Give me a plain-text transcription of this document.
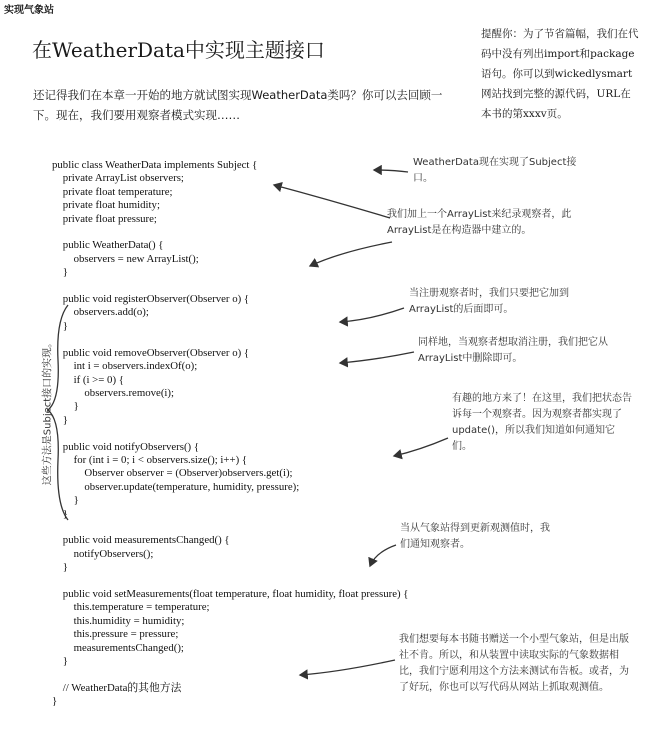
实现气象站
在WeatherData中实现主题接口
还记得我们在本章一开始的地方就试图实现WeatherData类吗？你可以去回顾一下。现在，我们要用观察者模式实现……
提醒你：为了节省篇幅，我们在代码中没有列出import和package语句。你可以到wickedlysmart网站找到完整的源代码，URL在本书的第xxxv页。
public class WeatherData implements Subject {
private ArrayList observers;
private float temperature;
private float humidity;
private float pressure;

public WeatherData() {
observers = new ArrayList();
}

public void registerObserver(Observer o) {
observers.add(o);
}

public void removeObserver(Observer o) {
int i = observers.indexOf(o);
if (i >= 0) {
observers.remove(i);
}
}

public void notifyObservers() {
for (int i = 0; i < observers.size(); i++) {
Observer observer = (Observer)observers.get(i);
observer.update(temperature, humidity, pressure);
}
}

public void measurementsChanged() {
notifyObservers();
}

public void setMeasurements(float temperature, float humidity, float pressure) {
this.temperature = temperature;
this.humidity = humidity;
this.pressure = pressure;
measurementsChanged();
}

// WeatherData的其他方法
}
WeatherData现在实现了Subject接口。
我们加上一个ArrayList来纪录观察者，此ArrayList是在构造器中建立的。
当注册观察者时，我们只要把它加到ArrayList的后面即可。
同样地，当观察者想取消注册，我们把它从ArrayList中删除即可。
有趣的地方来了！在这里，我们把状态告诉每一个观察者。因为观察者都实现了update()，所以我们知道如何通知它们。
当从气象站得到更新观测值时，我们通知观察者。
我们想要每本书随书赠送一个小型气象站，但是出版社不肯。所以，和从装置中读取实际的气象数据相比，我们宁愿利用这个方法来测试布告板。或者，为了好玩，你也可以写代码从网站上抓取观测值。
这些方法是Subject接口的实现。
